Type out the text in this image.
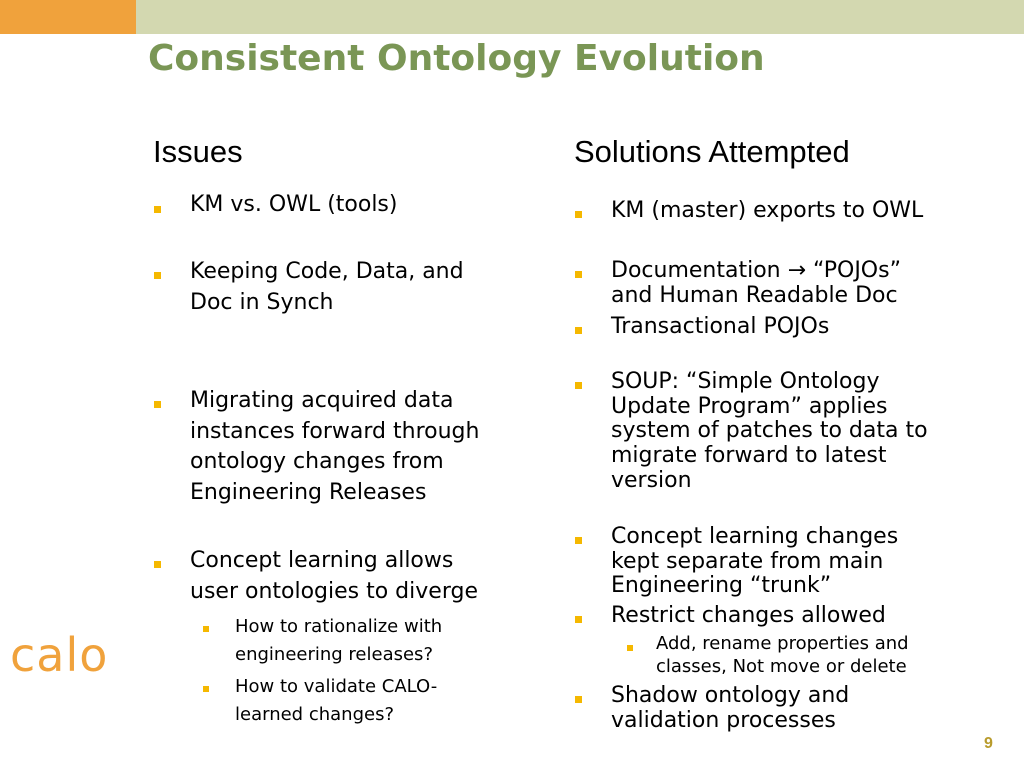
Consistent Ontology Evolution
Issues	Solutions Attempted
KM vs. OWL (tools)
Keeping Code, Data, and
Doc in Synch
Migrating acquired data
instances forward through
ontology changes from
Engineering Releases
Concept learning allows
user ontologies to diverge
How to rationalize with
engineering releases?
How to validate CALO-
learned changes?
KM (master) exports to OWL
Documentation → “POJOs”
and Human Readable Doc
Transactional POJOs
SOUP: “Simple Ontology
Update Program” applies
system of patches to data to
migrate forward to latest
version
Concept learning changes
kept separate from main
Engineering “trunk”
Restrict changes allowed
Add, rename properties and
classes, Not move or delete
Shadow ontology and
validation processes
calo
9
